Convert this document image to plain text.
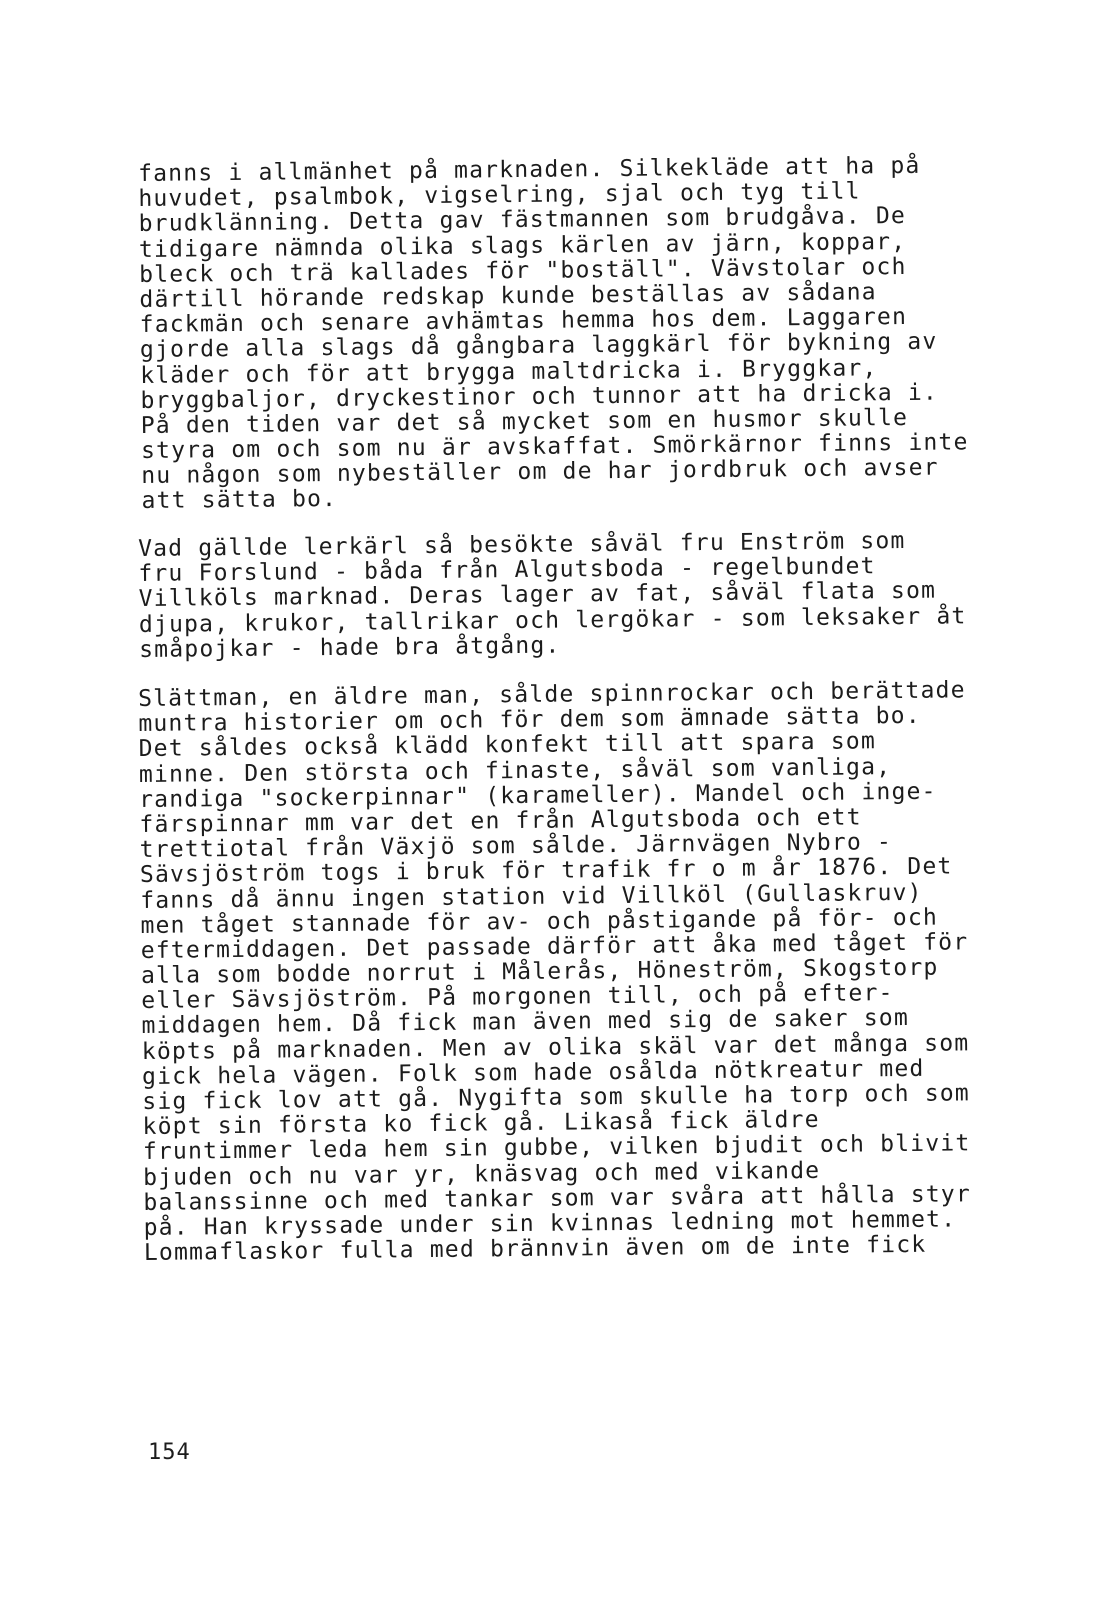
fanns i allmänhet på marknaden. Silkekläde att ha på
huvudet, psalmbok, vigselring, sjal och tyg till
brudklänning. Detta gav fästmannen som brudgåva. De
tidigare nämnda olika slags kärlen av järn, koppar,
bleck och trä kallades för "boställ". Vävstolar och
därtill hörande redskap kunde beställas av sådana
fackmän och senare avhämtas hemma hos dem. Laggaren
gjorde alla slags då gångbara laggkärl för bykning av
kläder och för att brygga maltdricka i. Bryggkar,
bryggbaljor, dryckestinor och tunnor att ha dricka i.
På den tiden var det så mycket som en husmor skulle
styra om och som nu är avskaffat. Smörkärnor finns inte
nu någon som nybeställer om de har jordbruk och avser
att sätta bo.
Vad gällde lerkärl så besökte såväl fru Enström som
fru Forslund - båda från Algutsboda - regelbundet
Villköls marknad. Deras lager av fat, såväl flata som
djupa, krukor, tallrikar och lergökar - som leksaker åt
småpojkar - hade bra åtgång.
Slättman, en äldre man, sålde spinnrockar och berättade
muntra historier om och för dem som ämnade sätta bo.
Det såldes också klädd konfekt till att spara som
minne. Den största och finaste, såväl som vanliga,
randiga "sockerpinnar" (karameller). Mandel och inge-
färspinnar mm var det en från Algutsboda och ett
trettiotal från Växjö som sålde. Järnvägen Nybro -
Sävsjöström togs i bruk för trafik fr o m år 1876. Det
fanns då ännu ingen station vid Villköl (Gullaskruv)
men tåget stannade för av- och påstigande på för- och
eftermiddagen. Det passade därför att åka med tåget för
alla som bodde norrut i Målerås, Höneström, Skogstorp
eller Sävsjöström. På morgonen till, och på efter-
middagen hem. Då fick man även med sig de saker som
köpts på marknaden. Men av olika skäl var det många som
gick hela vägen. Folk som hade osålda nötkreatur med
sig fick lov att gå. Nygifta som skulle ha torp och som
köpt sin första ko fick gå. Likaså fick äldre
fruntimmer leda hem sin gubbe, vilken bjudit och blivit
bjuden och nu var yr, knäsvag och med vikande
balanssinne och med tankar som var svåra att hålla styr
på. Han kryssade under sin kvinnas ledning mot hemmet.
Lommaflaskor fulla med brännvin även om de inte fick
154
